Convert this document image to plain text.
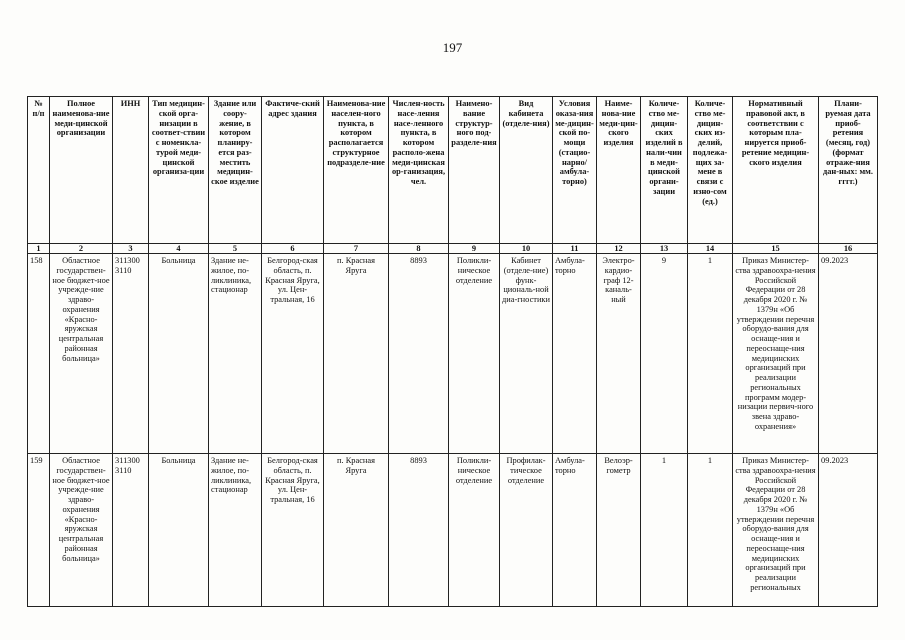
197
№ п/п	Полное наименова-ние меди-цинской организации	ИНН	Тип медицин-ской орга-низации в соответ-ствии с номенкла-турой меди-цинской организа-ции	Здание или соору-жение, в котором планиру-ется раз-местить медицин-ское изделие	Фактиче-ский адрес здания	Наименова-ние населен-ного пункта, в котором располагается структурное подразделе-ние	Числен-ность насе-ления насе-ленного пункта, в котором располо-жена меди-цинская ор-ганизация, чел.	Наимено-вание структур-ного под-разделе-ния	Вид кабинета (отделе-ния)	Условия оказа-ния ме-дицин-ской по-мощи (стацио-нарно/ амбула-торно)	Наиме-нова-ние меди-цин-ского изделия	Количе-ство ме-дицин-ских изделий в нали-чии в меди-цинской органи-зации	Количе-ство ме-дицин-ских из-делий, подлежа-щих за-мене в связи с изно-сом (ед.)	Нормативный правовой акт, в соответствии с которым пла-нируется приоб-ретение медицин-ского изделия	Плани-руемая дата приоб-ретения (месяц, год) (формат отраже-ния дан-ных: мм. гггг.)
1	2	3	4	5	6	7	8	9	10	11	12	13	14	15	16
158	Областное государствен-ное бюджет-ное учрежде-ние здраво-охранения «Красно-яружская центральная районная больница»	311300 3110	Больница	Здание не-жилое, по-ликлиника, стационар	Белгород-ская область, п. Красная Яруга, ул. Цен-тральная, 16	п. Красная Яруга	8893	Поликли-ническое отделение	Кабинет (отделе-ние) функ-циональ-ной диа-гностики	Амбула-торно	Электро-кардио-граф 12-каналь-ный	9	1	Приказ Министер-ства здравоохра-нения Российской Федерации от 28 декабря 2020 г. № 1379н «Об утверждении перечня оборудо-вания для оснаще-ния и переоснаще-ния медицинских организаций при реализации региональных программ модер-низации первич-ного звена здраво-охранения»	09.2023
159	Областное государствен-ное бюджет-ное учрежде-ние здраво-охранения «Красно-яружская центральная районная больница»	311300 3110	Больница	Здание не-жилое, по-ликлиника, стационар	Белгород-ская область, п. Красная Яруга, ул. Цен-тральная, 16	п. Красная Яруга	8893	Поликли-ническое отделение	Профилак-тическое отделение	Амбула-торно	Велоэр-гометр	1	1	Приказ Министер-ства здравоохра-нения Российской Федерации от 28 декабря 2020 г. № 1379н «Об утверждении перечня оборудо-вания для оснаще-ния и переоснаще-ния медицинских организаций при реализации региональных	09.2023
